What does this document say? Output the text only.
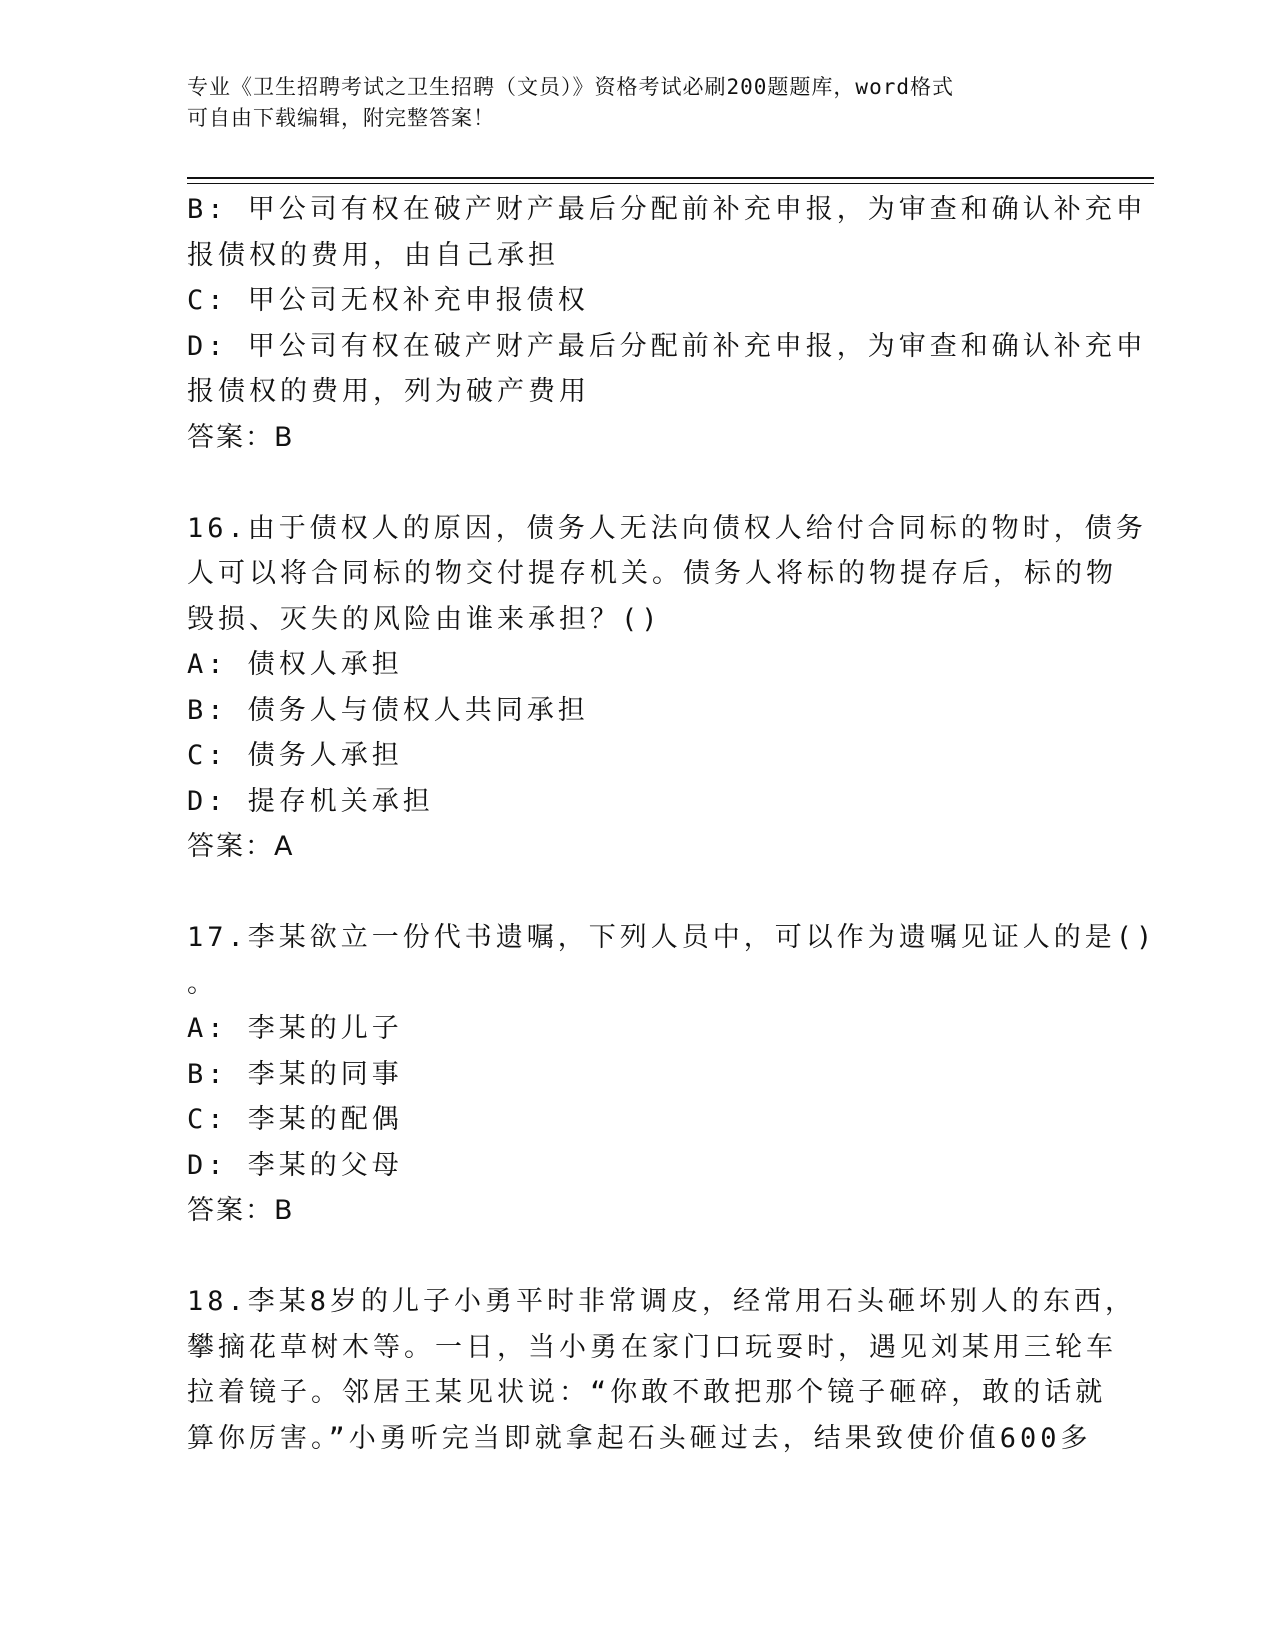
专业《卫生招聘考试之卫生招聘（文员）》资格考试必刷200题题库，word格式
可自由下载编辑，附完整答案！
B: 甲公司有权在破产财产最后分配前补充申报，为审查和确认补充申
报债权的费用，由自己承担
C: 甲公司无权补充申报债权
D: 甲公司有权在破产财产最后分配前补充申报，为审查和确认补充申
报债权的费用，列为破产费用
答案：B
16.由于债权人的原因，债务人无法向债权人给付合同标的物时，债务
人可以将合同标的物交付提存机关。债务人将标的物提存后，标的物
毁损、灭失的风险由谁来承担？()
A: 债权人承担
B: 债务人与债权人共同承担
C: 债务人承担
D: 提存机关承担
答案：A
17.李某欲立一份代书遗嘱，下列人员中，可以作为遗嘱见证人的是()
。
A: 李某的儿子
B: 李某的同事
C: 李某的配偶
D: 李某的父母
答案：B
18.李某8岁的儿子小勇平时非常调皮，经常用石头砸坏别人的东西，
攀摘花草树木等。一日，当小勇在家门口玩耍时，遇见刘某用三轮车
拉着镜子。邻居王某见状说：“你敢不敢把那个镜子砸碎，敢的话就
算你厉害。”小勇听完当即就拿起石头砸过去，结果致使价值600多
